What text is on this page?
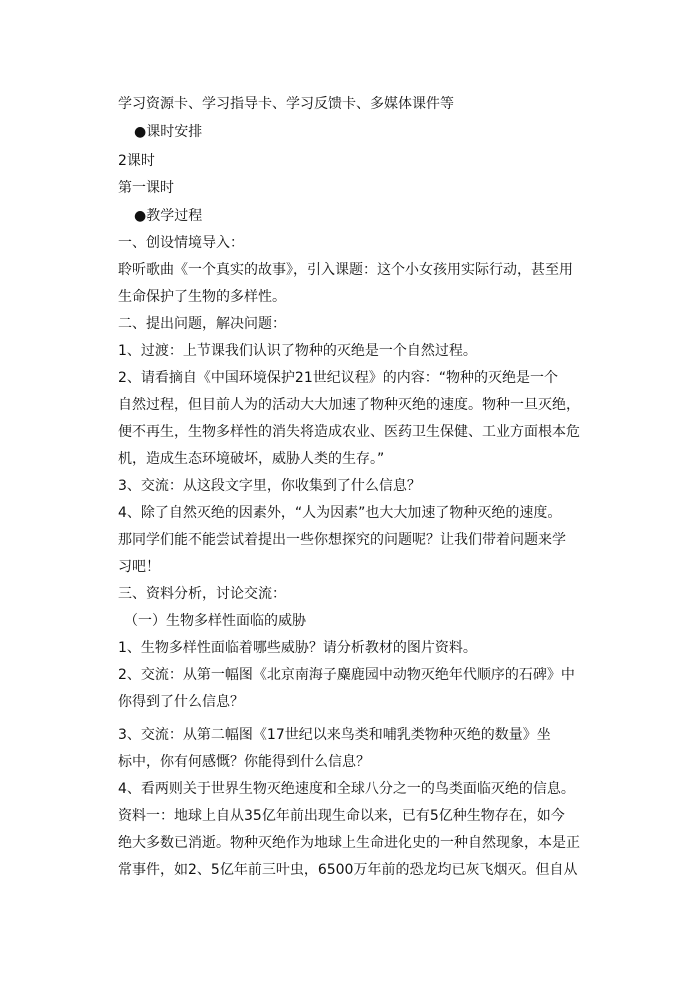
学习资源卡、学习指导卡、学习反馈卡、多媒体课件等
●课时安排
2课时
第一课时
●教学过程
一、创设情境导入：
聆听歌曲《一个真实的故事》，引入课题：这个小女孩用实际行动，甚至用
生命保护了生物的多样性。
二、提出问题，解决问题：
1、过渡：上节课我们认识了物种的灭绝是一个自然过程。
2、请看摘自《中国环境保护21世纪议程》的内容：“物种的灭绝是一个
自然过程，但目前人为的活动大大加速了物种灭绝的速度。物种一旦灭绝，
便不再生，生物多样性的消失将造成农业、医药卫生保健、工业方面根本危
机，造成生态环境破坏，威胁人类的生存。”
3、交流：从这段文字里，你收集到了什么信息？
4、除了自然灭绝的因素外，“人为因素”也大大加速了物种灭绝的速度。
那同学们能不能尝试着提出一些你想探究的问题呢？让我们带着问题来学
习吧！
三、资料分析，讨论交流：
（一）生物多样性面临的威胁
1、生物多样性面临着哪些威胁？请分析教材的图片资料。
2、交流：从第一幅图《北京南海子麋鹿园中动物灭绝年代顺序的石碑》中
你得到了什么信息？
3、交流：从第二幅图《17世纪以来鸟类和哺乳类物种灭绝的数量》坐
标中，你有何感慨？你能得到什么信息？
4、看两则关于世界生物灭绝速度和全球八分之一的鸟类面临灭绝的信息。
资料一：地球上自从35亿年前出现生命以来，已有5亿种生物存在，如今
绝大多数已消逝。物种灭绝作为地球上生命进化史的一种自然现象，本是正
常事件，如2、5亿年前三叶虫，6500万年前的恐龙均已灰飞烟灭。但自从
